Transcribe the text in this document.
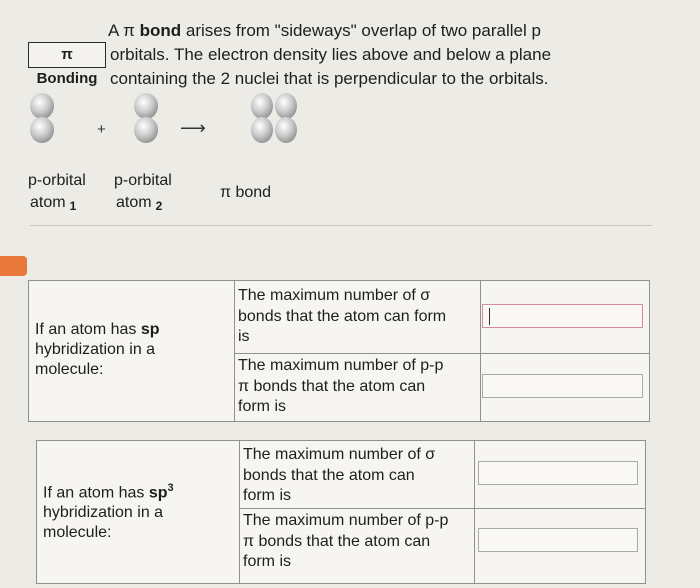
A π bond arises from "sideways" overlap of two parallel p
π Bonding
orbitals. The electron density lies above and below a plane
containing the 2 nuclei that is perpendicular to the orbitals.
+	⟶
p-orbital
atom 1
p-orbital
atom 2
π bond
If an atom has sp
hybridization in a
molecule:
The maximum number of σ
bonds that the atom can form
is
The maximum number of p-p
π bonds that the atom can
form is
If an atom has $sp^3$
hybridization in a
molecule:
The maximum number of σ
bonds that the atom can
form is
The maximum number of p-p
π bonds that the atom can
form is
